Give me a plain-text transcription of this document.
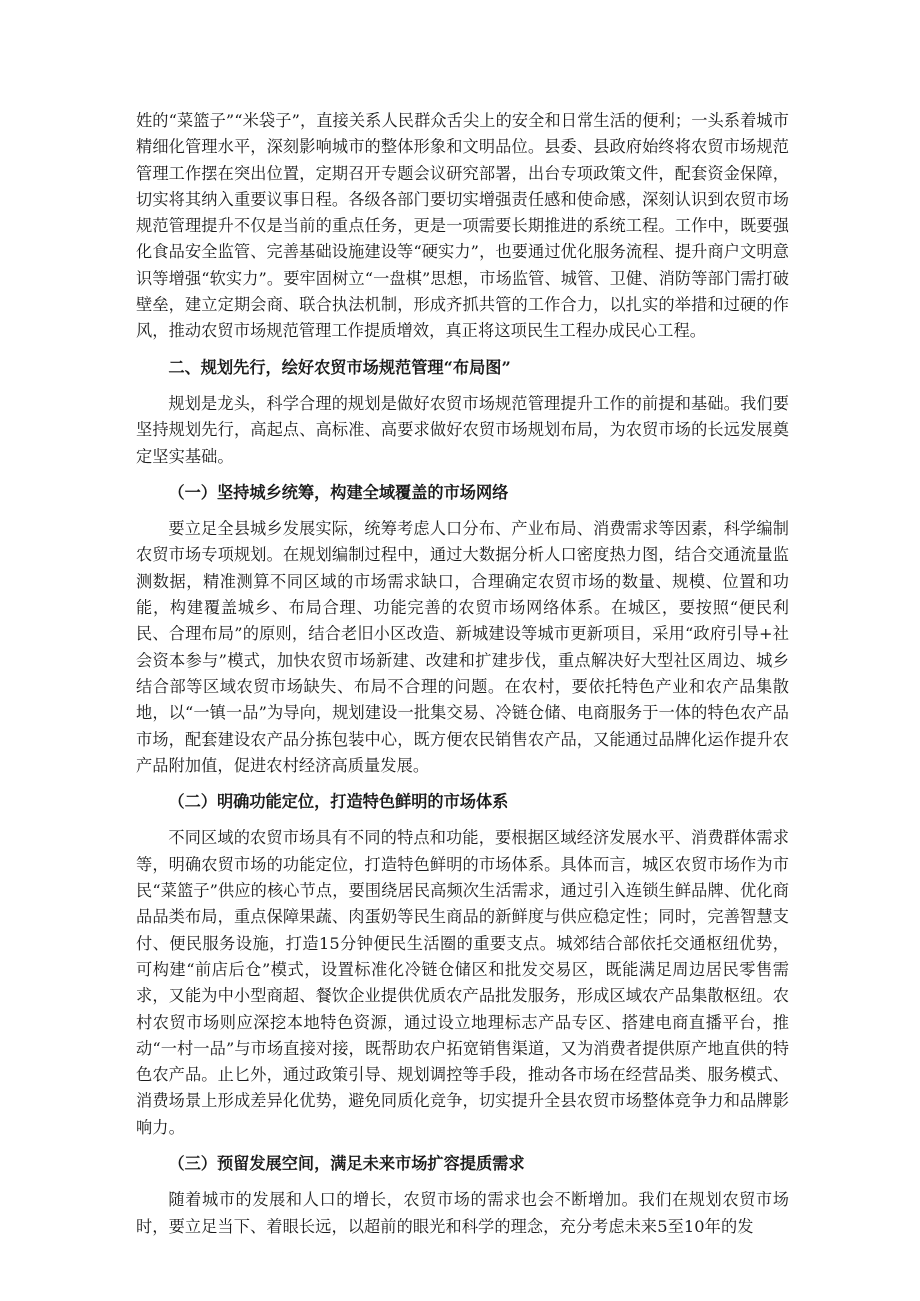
姓的“菜篮子”“米袋子”，直接关系人民群众舌尖上的安全和日常生活的便利；一头系着城市精细化管理水平，深刻影响城市的整体形象和文明品位。县委、县政府始终将农贸市场规范管理工作摆在突出位置，定期召开专题会议研究部署，出台专项政策文件，配套资金保障，切实将其纳入重要议事日程。各级各部门要切实增强责任感和使命感，深刻认识到农贸市场规范管理提升不仅是当前的重点任务，更是一项需要长期推进的系统工程。工作中，既要强化食品安全监管、完善基础设施建设等“硬实力”，也要通过优化服务流程、提升商户文明意识等增强“软实力”。要牢固树立“一盘棋”思想，市场监管、城管、卫健、消防等部门需打破壁垒，建立定期会商、联合执法机制，形成齐抓共管的工作合力，以扎实的举措和过硬的作风，推动农贸市场规范管理工作提质增效，真正将这项民生工程办成民心工程。

二、规划先行，绘好农贸市场规范管理“布局图”

规划是龙头，科学合理的规划是做好农贸市场规范管理提升工作的前提和基础。我们要坚持规划先行，高起点、高标准、高要求做好农贸市场规划布局，为农贸市场的长远发展奠定坚实基础。

（一）坚持城乡统筹，构建全域覆盖的市场网络

要立足全县城乡发展实际，统筹考虑人口分布、产业布局、消费需求等因素，科学编制农贸市场专项规划。在规划编制过程中，通过大数据分析人口密度热力图，结合交通流量监测数据，精准测算不同区域的市场需求缺口，合理确定农贸市场的数量、规模、位置和功能，构建覆盖城乡、布局合理、功能完善的农贸市场网络体系。在城区，要按照“便民利民、合理布局”的原则，结合老旧小区改造、新城建设等城市更新项目，采用“政府引导+社会资本参与”模式，加快农贸市场新建、改建和扩建步伐，重点解决好大型社区周边、城乡结合部等区域农贸市场缺失、布局不合理的问题。在农村，要依托特色产业和农产品集散地，以“一镇一品”为导向，规划建设一批集交易、冷链仓储、电商服务于一体的特色农产品市场，配套建设农产品分拣包装中心，既方便农民销售农产品，又能通过品牌化运作提升农产品附加值，促进农村经济高质量发展。

（二）明确功能定位，打造特色鲜明的市场体系

不同区域的农贸市场具有不同的特点和功能，要根据区域经济发展水平、消费群体需求等，明确农贸市场的功能定位，打造特色鲜明的市场体系。具体而言，城区农贸市场作为市民“菜篮子”供应的核心节点，要围绕居民高频次生活需求，通过引入连锁生鲜品牌、优化商品品类布局，重点保障果蔬、肉蛋奶等民生商品的新鲜度与供应稳定性；同时，完善智慧支付、便民服务设施，打造15分钟便民生活圈的重要支点。城郊结合部依托交通枢纽优势，可构建“前店后仓”模式，设置标准化冷链仓储区和批发交易区，既能满足周边居民零售需求，又能为中小型商超、餐饮企业提供优质农产品批发服务，形成区域农产品集散枢纽。农村农贸市场则应深挖本地特色资源，通过设立地理标志产品专区、搭建电商直播平台，推动“一村一品”与市场直接对接，既帮助农户拓宽销售渠道，又为消费者提供原产地直供的特色农产品。止匕外，通过政策引导、规划调控等手段，推动各市场在经营品类、服务模式、消费场景上形成差异化优势，避免同质化竞争，切实提升全县农贸市场整体竞争力和品牌影响力。

（三）预留发展空间，满足未来市场扩容提质需求

随着城市的发展和人口的增长，农贸市场的需求也会不断增加。我们在规划农贸市场时，要立足当下、着眼长远，以超前的眼光和科学的理念，充分考虑未来5至10年的发
